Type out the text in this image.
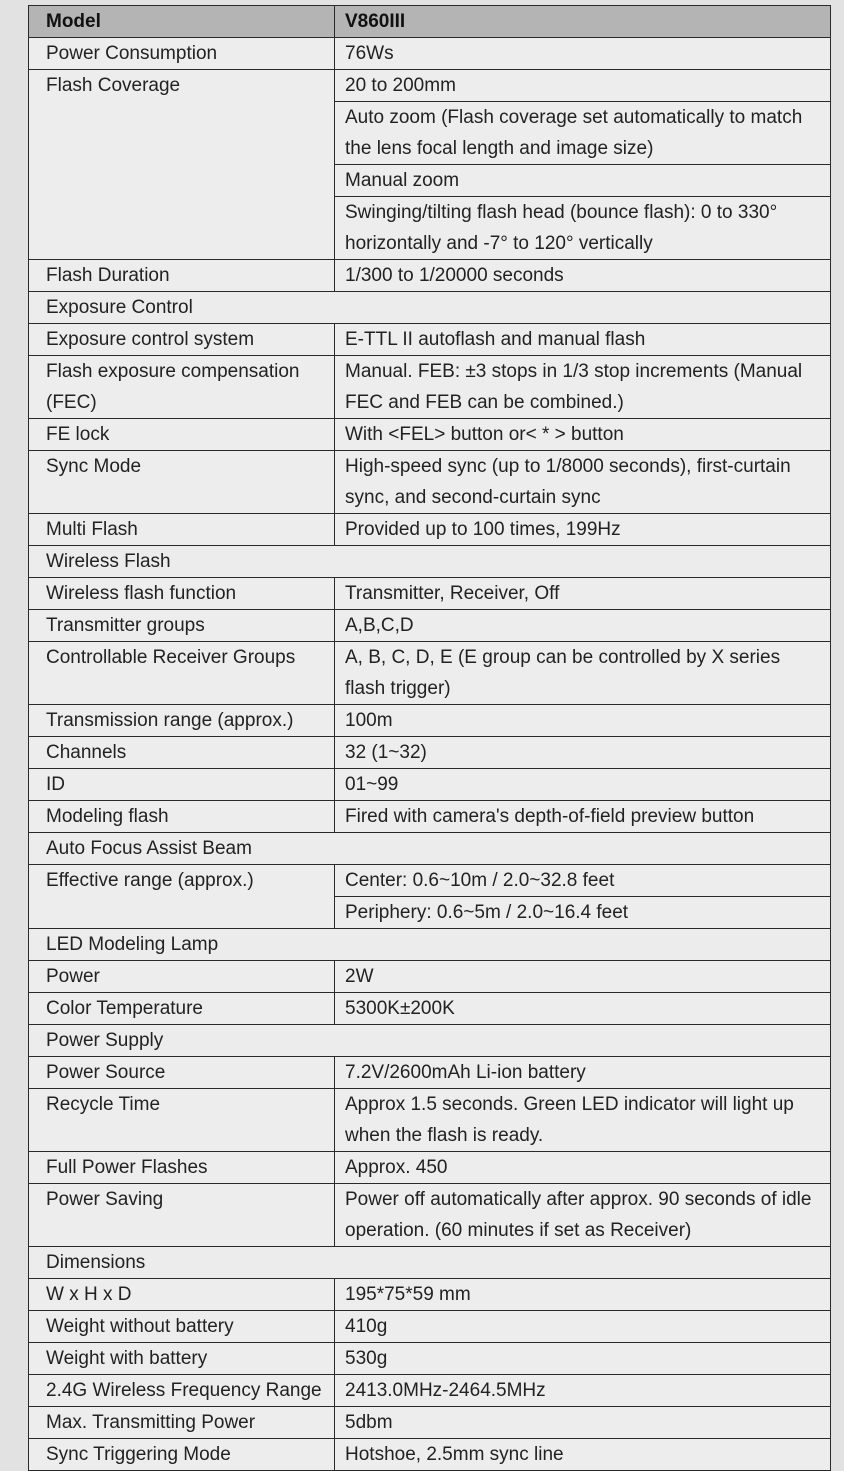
Model	V860III
Power Consumption	76Ws
Flash Coverage	20 to 200mm
	Auto zoom (Flash coverage set automatically to match the lens focal length and image size)
	Manual zoom
	Swinging/tilting flash head (bounce flash): 0 to 330° horizontally and -7° to 120° vertically
Flash Duration	1/300 to 1/20000 seconds
Exposure Control	
Exposure control system	E-TTL II autoflash and manual flash
Flash exposure compensation (FEC)	Manual. FEB: ±3 stops in 1/3 stop increments (Manual FEC and FEB can be combined.)
FE lock	With <FEL> button or< * > button
Sync Mode	High-speed sync (up to 1/8000 seconds), first-curtain sync, and second-curtain sync
Multi Flash	Provided up to 100 times, 199Hz
Wireless Flash	
Wireless flash function	Transmitter, Receiver, Off
Transmitter groups	A,B,C,D
Controllable Receiver Groups	A, B, C, D, E (E group can be controlled by X series flash trigger)
Transmission range (approx.)	100m
Channels	32 (1~32)
ID	01~99
Modeling flash	Fired with camera's depth-of-field preview button
Auto Focus Assist Beam	
Effective range (approx.)	Center: 0.6~10m / 2.0~32.8 feet
	Periphery: 0.6~5m / 2.0~16.4 feet
LED Modeling Lamp	
Power	2W
Color Temperature	5300K±200K
Power Supply	
Power Source	7.2V/2600mAh Li-ion battery
Recycle Time	Approx 1.5 seconds. Green LED indicator will light up when the flash is ready.
Full Power Flashes	Approx. 450
Power Saving	Power off automatically after approx. 90 seconds of idle operation. (60 minutes if set as Receiver)
Dimensions	
W x H x D	195*75*59 mm
Weight without battery	410g
Weight with battery	530g
2.4G Wireless Frequency Range	2413.0MHz-2464.5MHz
Max. Transmitting Power	5dbm
Sync Triggering Mode	Hotshoe, 2.5mm sync line
